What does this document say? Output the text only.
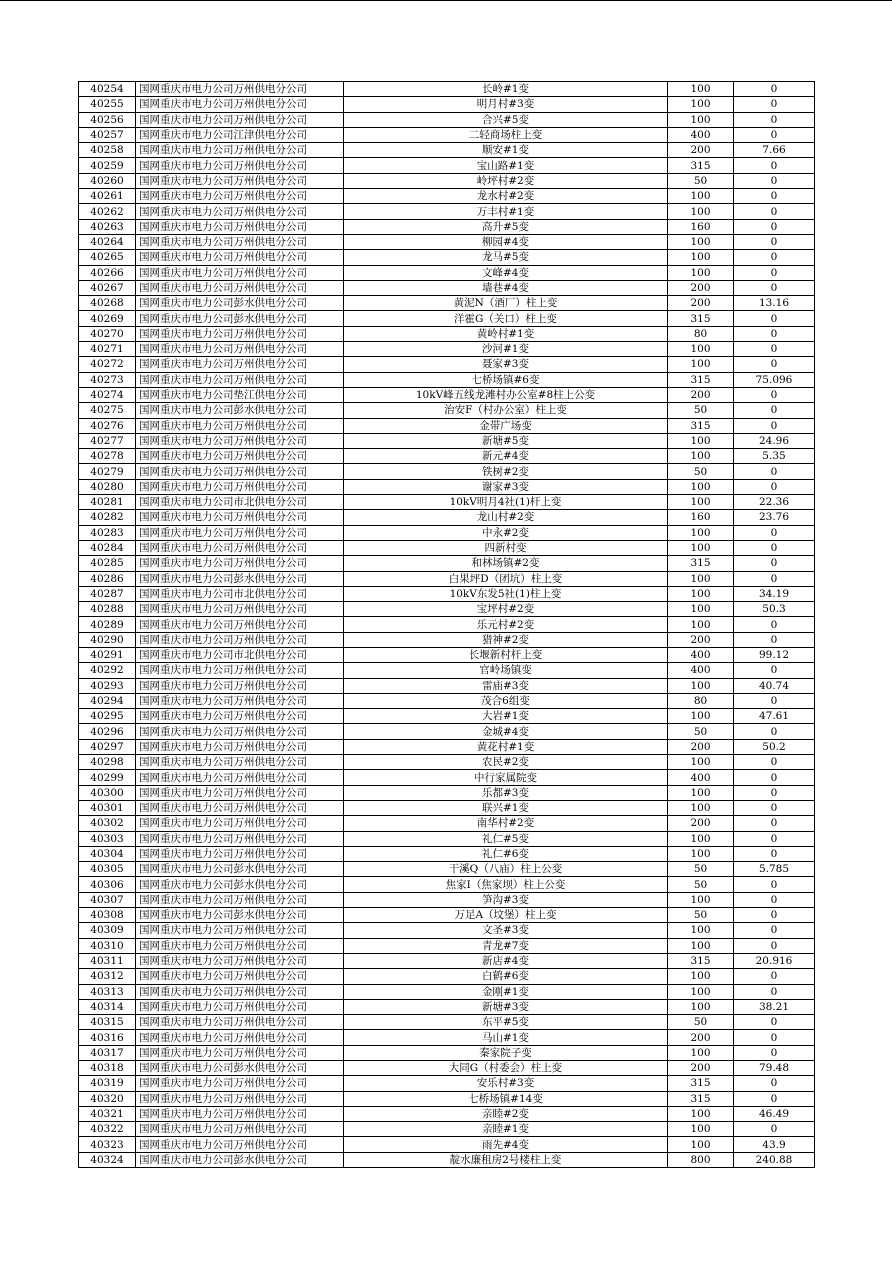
40254	国网重庆市电力公司万州供电分公司	长岭#1变	100	0
40255	国网重庆市电力公司万州供电分公司	明月村#3变	100	0
40256	国网重庆市电力公司万州供电分公司	合兴#5变	100	0
40257	国网重庆市电力公司江津供电分公司	二轻商场柱上变	400	0
40258	国网重庆市电力公司万州供电分公司	顺安#1变	200	7.66
40259	国网重庆市电力公司万州供电分公司	宝山路#1变	315	0
40260	国网重庆市电力公司万州供电分公司	岭坪村#2变	50	0
40261	国网重庆市电力公司万州供电分公司	龙水村#2变	100	0
40262	国网重庆市电力公司万州供电分公司	万丰村#1变	100	0
40263	国网重庆市电力公司万州供电分公司	高升#5变	160	0
40264	国网重庆市电力公司万州供电分公司	柳园#4变	100	0
40265	国网重庆市电力公司万州供电分公司	龙马#5变	100	0
40266	国网重庆市电力公司万州供电分公司	文峰#4变	100	0
40267	国网重庆市电力公司万州供电分公司	墙巷#4变	200	0
40268	国网重庆市电力公司彭水供电分公司	黄泥N（酒厂）柱上变	200	13.16
40269	国网重庆市电力公司彭水供电分公司	洋霍G（关口）柱上变	315	0
40270	国网重庆市电力公司万州供电分公司	黄岭村#1变	80	0
40271	国网重庆市电力公司万州供电分公司	沙河#1变	100	0
40272	国网重庆市电力公司万州供电分公司	聂家#3变	100	0
40273	国网重庆市电力公司万州供电分公司	七桥场镇#6变	315	75.096
40274	国网重庆市电力公司垫江供电分公司	10kV峰五线龙滩村办公室#8柱上公变	200	0
40275	国网重庆市电力公司彭水供电分公司	治安F（村办公室）柱上变	50	0
40276	国网重庆市电力公司万州供电分公司	金带广场变	315	0
40277	国网重庆市电力公司万州供电分公司	新塘#5变	100	24.96
40278	国网重庆市电力公司万州供电分公司	新元#4变	100	5.35
40279	国网重庆市电力公司万州供电分公司	铁树#2变	50	0
40280	国网重庆市电力公司万州供电分公司	谢家#3变	100	0
40281	国网重庆市电力公司市北供电分公司	10kV明月4社(1)杆上变	100	22.36
40282	国网重庆市电力公司万州供电分公司	龙山村#2变	160	23.76
40283	国网重庆市电力公司万州供电分公司	中永#2变	100	0
40284	国网重庆市电力公司万州供电分公司	四新村变	100	0
40285	国网重庆市电力公司万州供电分公司	和林场镇#2变	315	0
40286	国网重庆市电力公司彭水供电分公司	白果坪D（团坑）柱上变	100	0
40287	国网重庆市电力公司市北供电分公司	10kV东发5社(1)柱上变	100	34.19
40288	国网重庆市电力公司万州供电分公司	宝坪村#2变	100	50.3
40289	国网重庆市电力公司万州供电分公司	乐元村#2变	100	0
40290	国网重庆市电力公司万州供电分公司	猎神#2变	200	0
40291	国网重庆市电力公司市北供电分公司	长堰新村杆上变	400	99.12
40292	国网重庆市电力公司万州供电分公司	官岭场镇变	400	0
40293	国网重庆市电力公司万州供电分公司	雷庙#3变	100	40.74
40294	国网重庆市电力公司万州供电分公司	茂合6组变	80	0
40295	国网重庆市电力公司万州供电分公司	大岩#1变	100	47.61
40296	国网重庆市电力公司万州供电分公司	金城#4变	50	0
40297	国网重庆市电力公司万州供电分公司	黄花村#1变	200	50.2
40298	国网重庆市电力公司万州供电分公司	农民#2变	100	0
40299	国网重庆市电力公司万州供电分公司	中行家属院变	400	0
40300	国网重庆市电力公司万州供电分公司	乐都#3变	100	0
40301	国网重庆市电力公司万州供电分公司	联兴#1变	100	0
40302	国网重庆市电力公司万州供电分公司	南华村#2变	200	0
40303	国网重庆市电力公司万州供电分公司	礼仁#5变	100	0
40304	国网重庆市电力公司万州供电分公司	礼仁#6变	100	0
40305	国网重庆市电力公司彭水供电分公司	干溪Q（八庙）柱上公变	50	5.785
40306	国网重庆市电力公司彭水供电分公司	焦家I（焦家坝）柱上公变	50	0
40307	国网重庆市电力公司万州供电分公司	笋沟#3变	100	0
40308	国网重庆市电力公司彭水供电分公司	万足A（坟堡）柱上变	50	0
40309	国网重庆市电力公司万州供电分公司	文圣#3变	100	0
40310	国网重庆市电力公司万州供电分公司	青龙#7变	100	0
40311	国网重庆市电力公司万州供电分公司	新店#4变	315	20.916
40312	国网重庆市电力公司万州供电分公司	白鹤#6变	100	0
40313	国网重庆市电力公司万州供电分公司	金刚#1变	100	0
40314	国网重庆市电力公司万州供电分公司	新塘#3变	100	38.21
40315	国网重庆市电力公司万州供电分公司	东平#5变	50	0
40316	国网重庆市电力公司万州供电分公司	马山#1变	200	0
40317	国网重庆市电力公司万州供电分公司	秦家院子变	100	0
40318	国网重庆市电力公司彭水供电分公司	大同G（村委会）柱上变	200	79.48
40319	国网重庆市电力公司万州供电分公司	安乐村#3变	315	0
40320	国网重庆市电力公司万州供电分公司	七桥场镇#14变	315	0
40321	国网重庆市电力公司万州供电分公司	亲睦#2变	100	46.49
40322	国网重庆市电力公司万州供电分公司	亲睦#1变	100	0
40323	国网重庆市电力公司万州供电分公司	雨先#4变	100	43.9
40324	国网重庆市电力公司彭水供电分公司	靛水廉租房2号楼柱上变	800	240.88
